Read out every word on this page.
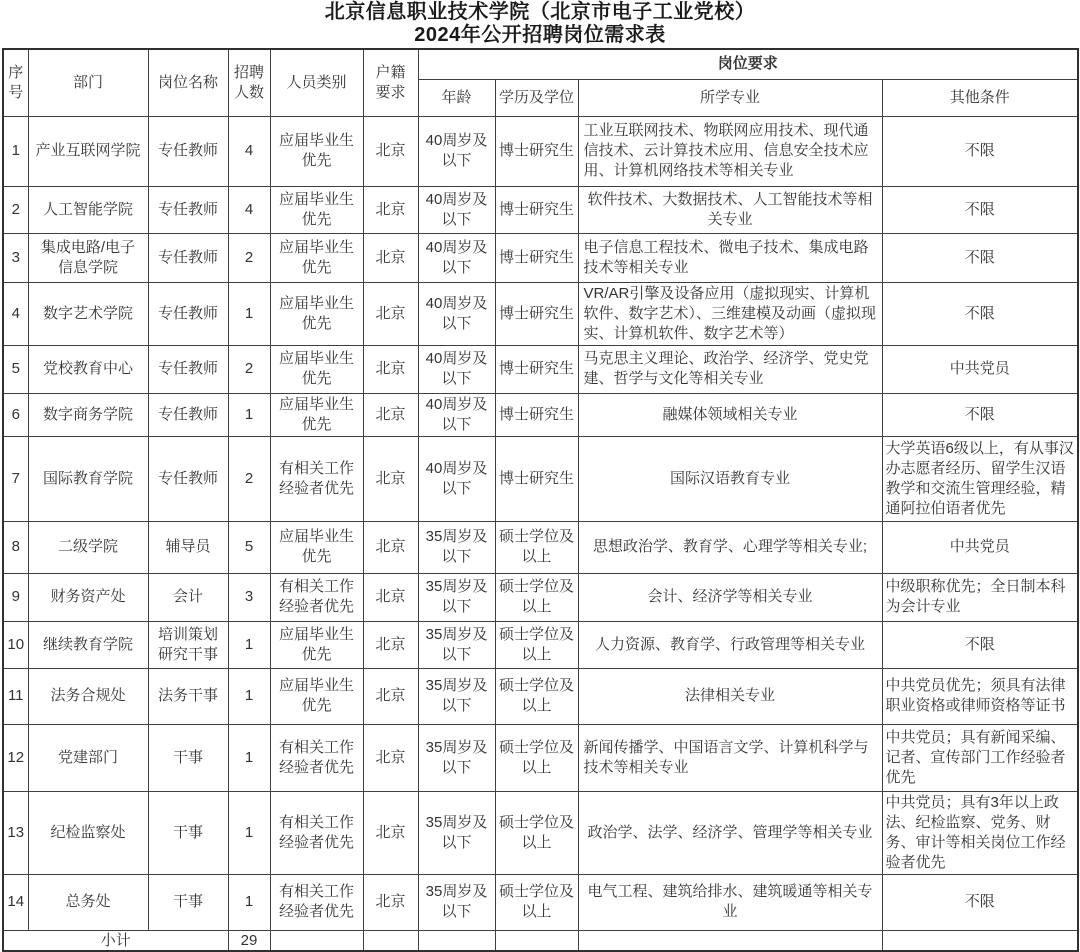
北京信息职业技术学院（北京市电子工业党校）
2024年公开招聘岗位需求表
序号	部门	岗位名称	招聘人数	人员类别	户籍要求	岗位要求			
						年龄	学历及学位	所学专业	其他条件
1	产业互联网学院	专任教师	4	应届毕业生优先	北京	40周岁及以下	博士研究生	工业互联网技术、物联网应用技术、现代通信技术、云计算技术应用、信息安全技术应用、计算机网络技术等相关专业	不限
2	人工智能学院	专任教师	4	应届毕业生优先	北京	40周岁及以下	博士研究生	软件技术、大数据技术、人工智能技术等相关专业	不限
3	集成电路/电子信息学院	专任教师	2	应届毕业生优先	北京	40周岁及以下	博士研究生	电子信息工程技术、微电子技术、集成电路技术等相关专业	不限
4	数字艺术学院	专任教师	1	应届毕业生优先	北京	40周岁及以下	博士研究生	VR/AR引擎及设备应用（虚拟现实、计算机软件、数字艺术）、三维建模及动画（虚拟现实、计算机软件、数字艺术等）	不限
5	党校教育中心	专任教师	2	应届毕业生优先	北京	40周岁及以下	博士研究生	马克思主义理论、政治学、经济学、党史党建、哲学与文化等相关专业	中共党员
6	数字商务学院	专任教师	1	应届毕业生优先	北京	40周岁及以下	博士研究生	融媒体领域相关专业	不限
7	国际教育学院	专任教师	2	有相关工作经验者优先	北京	40周岁及以下	博士研究生	国际汉语教育专业	大学英语6级以上，有从事汉办志愿者经历、留学生汉语教学和交流生管理经验，精通阿拉伯语者优先
8	二级学院	辅导员	5	应届毕业生优先	北京	35周岁及以下	硕士学位及以上	思想政治学、教育学、心理学等相关专业;	中共党员
9	财务资产处	会计	3	有相关工作经验者优先	北京	35周岁及以下	硕士学位及以上	会计、经济学等相关专业	中级职称优先；全日制本科为会计专业
10	继续教育学院	培训策划研究干事	1	应届毕业生优先	北京	35周岁及以下	硕士学位及以上	人力资源、教育学、行政管理等相关专业	不限
11	法务合规处	法务干事	1	应届毕业生优先	北京	35周岁及以下	硕士学位及以上	法律相关专业	中共党员优先；须具有法律职业资格或律师资格等证书
12	党建部门	干事	1	有相关工作经验者优先	北京	35周岁及以下	硕士学位及以上	新闻传播学、中国语言文学、计算机科学与技术等相关专业	中共党员；具有新闻采编、记者、宣传部门工作经验者优先
13	纪检监察处	干事	1	有相关工作经验者优先	北京	35周岁及以下	硕士学位及以上	政治学、法学、经济学、管理学等相关专业	中共党员；具有3年以上政法、纪检监察、党务、财务、审计等相关岗位工作经验者优先
14	总务处	干事	1	有相关工作经验者优先	北京	35周岁及以下	硕士学位及以上	电气工程、建筑给排水、建筑暖通等相关专业	不限
小计			29						
